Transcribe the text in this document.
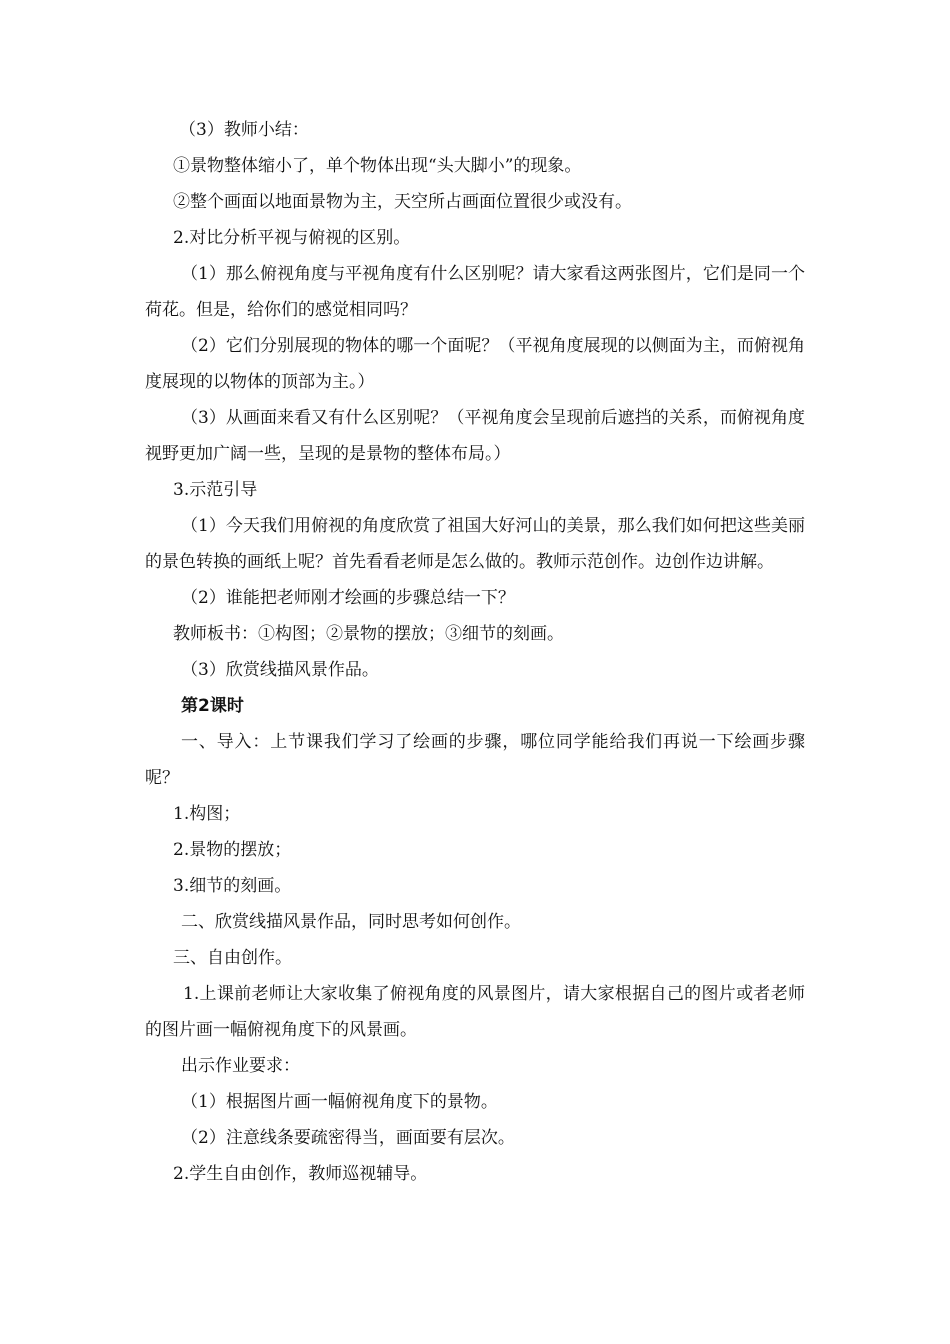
（3）教师小结：

①景物整体缩小了，单个物体出现“头大脚小”的现象。

②整个画面以地面景物为主，天空所占画面位置很少或没有。

2.对比分析平视与俯视的区别。

（1）那么俯视角度与平视角度有什么区别呢？请大家看这两张图片，它们是同一个荷花。但是，给你们的感觉相同吗？

（2）它们分别展现的物体的哪一个面呢？（平视角度展现的以侧面为主，而俯视角度展现的以物体的顶部为主。）

（3）从画面来看又有什么区别呢？（平视角度会呈现前后遮挡的关系，而俯视角度视野更加广阔一些，呈现的是景物的整体布局。）

3.示范引导

（1）今天我们用俯视的角度欣赏了祖国大好河山的美景，那么我们如何把这些美丽的景色转换的画纸上呢？首先看看老师是怎么做的。教师示范创作。边创作边讲解。

（2）谁能把老师刚才绘画的步骤总结一下？

教师板书：①构图；②景物的摆放；③细节的刻画。

（3）欣赏线描风景作品。

第2课时

一、导入：上节课我们学习了绘画的步骤，哪位同学能给我们再说一下绘画步骤呢？

1.构图；

2.景物的摆放；

3.细节的刻画。

二、欣赏线描风景作品，同时思考如何创作。

三、自由创作。

1.上课前老师让大家收集了俯视角度的风景图片，请大家根据自己的图片或者老师的图片画一幅俯视角度下的风景画。

出示作业要求：

（1）根据图片画一幅俯视角度下的景物。

（2）注意线条要疏密得当，画面要有层次。

2.学生自由创作，教师巡视辅导。
